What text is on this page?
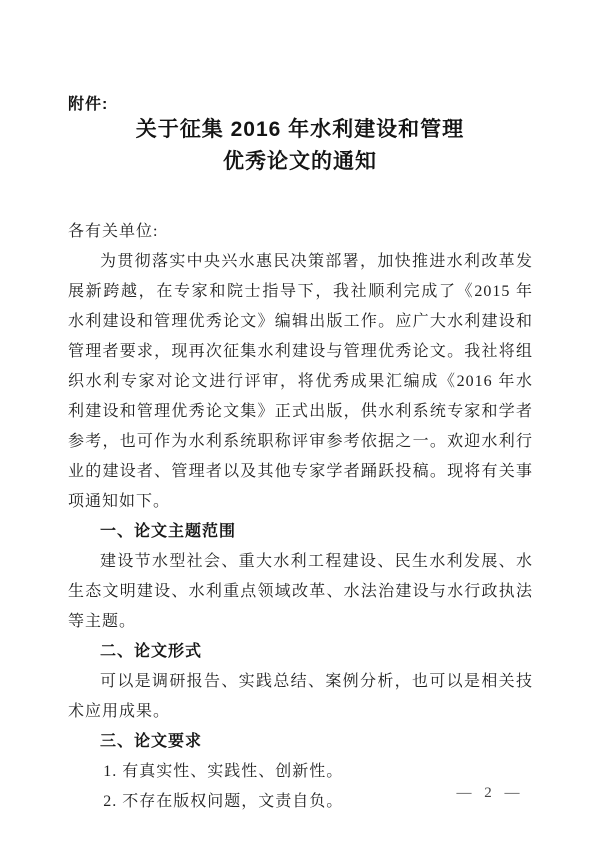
附件:
关于征集 2016 年水利建设和管理
优秀论文的通知

各有关单位:

为贯彻落实中央兴水惠民决策部署，加快推进水利改革发展新跨越，在专家和院士指导下，我社顺利完成了《2015 年水利建设和管理优秀论文》编辑出版工作。应广大水利建设和管理者要求，现再次征集水利建设与管理优秀论文。我社将组织水利专家对论文进行评审，将优秀成果汇编成《2016 年水利建设和管理优秀论文集》正式出版，供水利系统专家和学者参考，也可作为水利系统职称评审参考依据之一。欢迎水利行业的建设者、管理者以及其他专家学者踊跃投稿。现将有关事项通知如下。

一、论文主题范围

建设节水型社会、重大水利工程建设、民生水利发展、水生态文明建设、水利重点领域改革、水法治建设与水行政执法等主题。

二、论文形式

可以是调研报告、实践总结、案例分析，也可以是相关技术应用成果。

三、论文要求

1. 有真实性、实践性、创新性。

2. 不存在版权问题，文责自负。	— 2 —
